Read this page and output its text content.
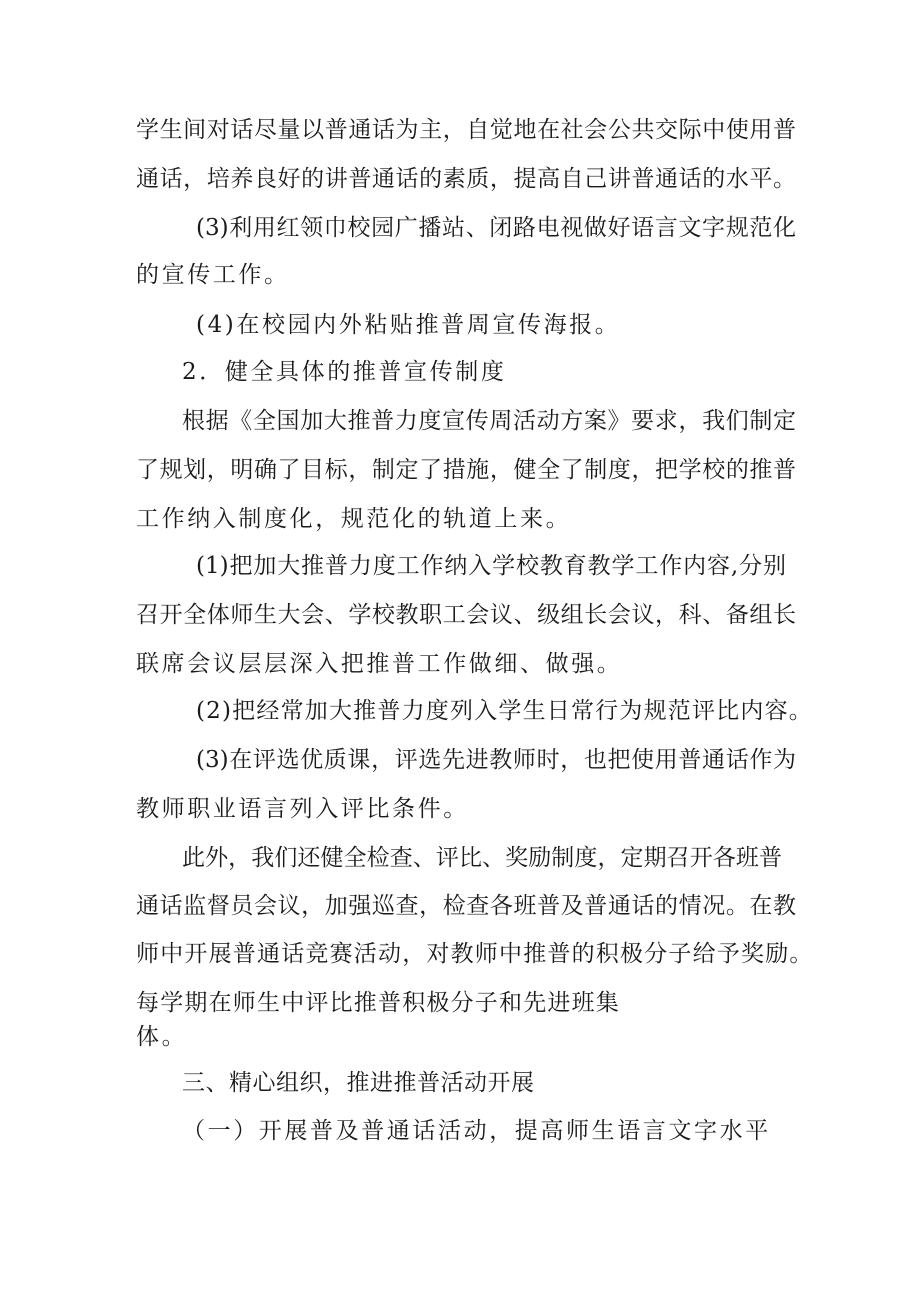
学生间对话尽量以普通话为主，自觉地在社会公共交际中使用普
通话，培养良好的讲普通话的素质，提高自己讲普通话的水平。
(3)利用红领巾校园广播站、闭路电视做好语言文字规范化
的宣传工作。
(4)在校园内外粘贴推普周宣传海报。
2．健全具体的推普宣传制度
根据《全国加大推普力度宣传周活动方案》要求，我们制定
了规划，明确了目标，制定了措施，健全了制度，把学校的推普
工作纳入制度化，规范化的轨道上来。
(1)把加大推普力度工作纳入学校教育教学工作内容,分别
召开全体师生大会、学校教职工会议、级组长会议，科、备组长
联席会议层层深入把推普工作做细、做强。
(2)把经常加大推普力度列入学生日常行为规范评比内容。
(3)在评选优质课，评选先进教师时，也把使用普通话作为
教师职业语言列入评比条件。
此外，我们还健全检查、评比、奖励制度，定期召开各班普
通话监督员会议，加强巡查，检查各班普及普通话的情况。在教
师中开展普通话竞赛活动，对教师中推普的积极分子给予奖励。
每学期在师生中评比推普积极分子和先进班集
体。
三、精心组织，推进推普活动开展
（一）开展普及普通话活动，提高师生语言文字水平
